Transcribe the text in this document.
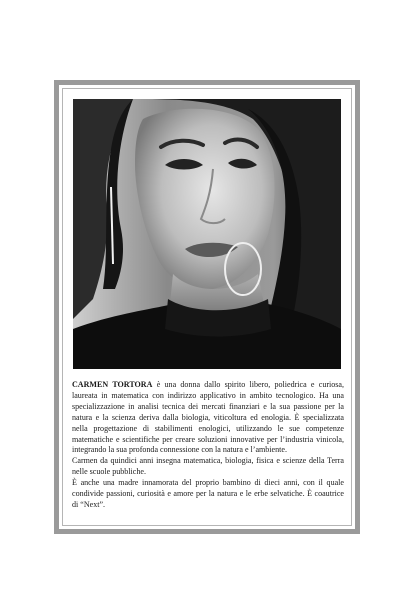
CARMEN TORTORA è una donna dallo spirito libero, poliedrica e curiosa, laureata in matematica con indirizzo applicativo in ambito tecnologico. Ha una specializzazione in analisi tecnica dei mercati finanziari e la sua passione per la natura e la scienza deriva dalla biologia, viticoltura ed enologia. È specializzata nella progettazione di stabilimenti enologici, utilizzando le sue competenze matematiche e scientifiche per creare soluzioni innovative per l’industria vinicola, integrando la sua profonda connessione con la natura e l’ambiente.

Carmen da quindici anni insegna matematica, biologia, fisica e scienze della Terra nelle scuole pubbliche.

È anche una madre innamorata del proprio bambino di dieci anni, con il quale condivide passioni, curiosità e amore per la natura e le erbe selvatiche. È coautrice di “Next”.
